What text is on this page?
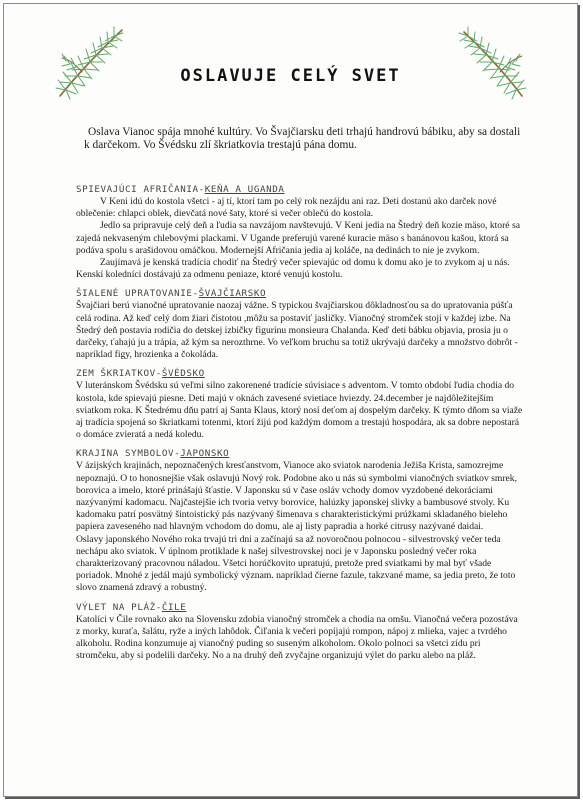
OSLAVUJE CELÝ SVET

Oslava Vianoc spája mnohé kultúry. Vo Švajčiarsku deti trhajú handrovú bábiku, aby sa dostali k darčekom. Vo Švédsku zlí škriatkovia trestajú pána domu.

SPIEVAJÚCI AFRIČANIA-KEŇA A UGANDA

V Keni idú do kostola všetci - aj tí, ktorí tam po celý rok nezájdu ani raz. Deti dostanú ako darček nové oblečenie: chlapci oblek, dievčatá nové šaty, ktoré si večer oblečú do kostola.

Jedlo sa pripravuje celý deň a ľudia sa navzájom navštevujú. V Keni jedia na Štedrý deň kozie mäso, ktoré sa zajedá nekvaseným chlebovými plackami. V Ugande preferujú varené kuracie mäso s banánovou kašou, ktorá sa podáva spolu s arašidovou omáčkou. Modernejší Afričania jedia aj koláče, na dedinách to nie je zvykom.

Zaujímavá je kenská tradícia chodiť na Štedrý večer spievajúc od domu k domu ako je to zvykom aj u nás. Kenskí koledníci dostávajú za odmenu peniaze, ktoré venujú kostolu.

ŠIALENÉ UPRATOVANIE-ŠVAJČIARSKO

Švajčiari berú vianočné upratovanie naozaj vážne. S typickou švajčiarskou dôkladnosťou sa do upratovania púšťa celá rodina. Až keď celý dom žiari čistotou ,môžu sa postaviť jasličky. Vianočný stromček stojí v každej izbe. Na Štedrý deň postavia rodičia do detskej izbičky figurínu monsieura Chalanda. Keď deti bábku objavia, prosia ju o darčeky, ťahajú ju a trápia, až kým sa nerozthrne. Vo veľkom bruchu sa totiž ukrývajú darčeky a množstvo dobrôt - napríklad figy, hrozienka a čokoláda.

ZEM ŠKRIATKOV-ŠVÉDSKO

V luteránskom Švédsku sú veľmi silno zakorenené tradície súvisiace s adventom. V tomto období ľudia chodia do kostola, kde spievajú piesne. Deti majú v oknách zavesené svietiace hviezdy. 24.december je najdôležitejším sviatkom roka. K Štedrému dňu patrí aj Santa Klaus, ktorý nosí deťom aj dospelým darčeky. K týmto dňom sa viaže aj tradícia spojená so škriatkami totenmi, ktorí žijú pod každým domom a trestajú hospodára, ak sa dobre nepostará o domáce zvieratá a nedá koledu.

KRAJINA SYMBOLOV-JAPONSKO

V ázijských krajinách, nepoznačených kresťanstvom, Vianoce ako sviatok narodenia Ježiša Krista, samozrejme nepoznajú. O to honosnejšie však oslavujú Nový rok. Podobne ako u nás sú symbolmi vianočných sviatkov smrek, borovica a imelo, ktoré prinášajú šťastie. V Japonsku sú v čase osláv vchody domov vyzdobené dekoráciami nazývanými kadomacu. Najčastejšie ich tvoria vetvy borovice, halúzky japonskej slivky a bambusové stvoly. Ku kadomaku patrí posvätný šintoistický pás nazývaný šimenava s charakteristickými prúžkami skladaného bieleho papiera zaveseného nad hlavným vchodom do domu, ale aj listy papradia a horké citrusy nazývané daidai.

Oslavy japonského Nového roka trvajú tri dni a začínajú sa až novoročnou polnocou - silvestrovský večer teda nechápu ako sviatok. V úplnom protiklade k našej silvestrovskej noci je v Japonsku posledný večer roka charakterizovaný pracovnou náladou. Všetci horúčkovito upratujú, pretože pred sviatkami by mal byť všade poriadok. Mnohé z jedál majú symbolický význam. napríklad čierne fazule, takzvané mame, sa jedia preto, že toto slovo znamená zdravý a robustný.

VÝLET NA PLÁŽ-ČILE

Katolíci v Čile rovnako ako na Slovensku zdobia vianočný stromček a chodia na omšu. Vianočná večera pozostáva z morky, kuraťa, šalátu, ryže a iných lahôdok. Čiľania k večeri popíjajú rompon, nápoj z mlieka, vajec a tvrdého alkoholu. Rodina konzumuje aj vianočný puding so suseným alkoholom. Okolo polnoci sa všetci zídu pri stromčeku, aby si podelili darčeky. No a na druhý deň zvyčajne organizujú výlet do parku alebo na pláž.
